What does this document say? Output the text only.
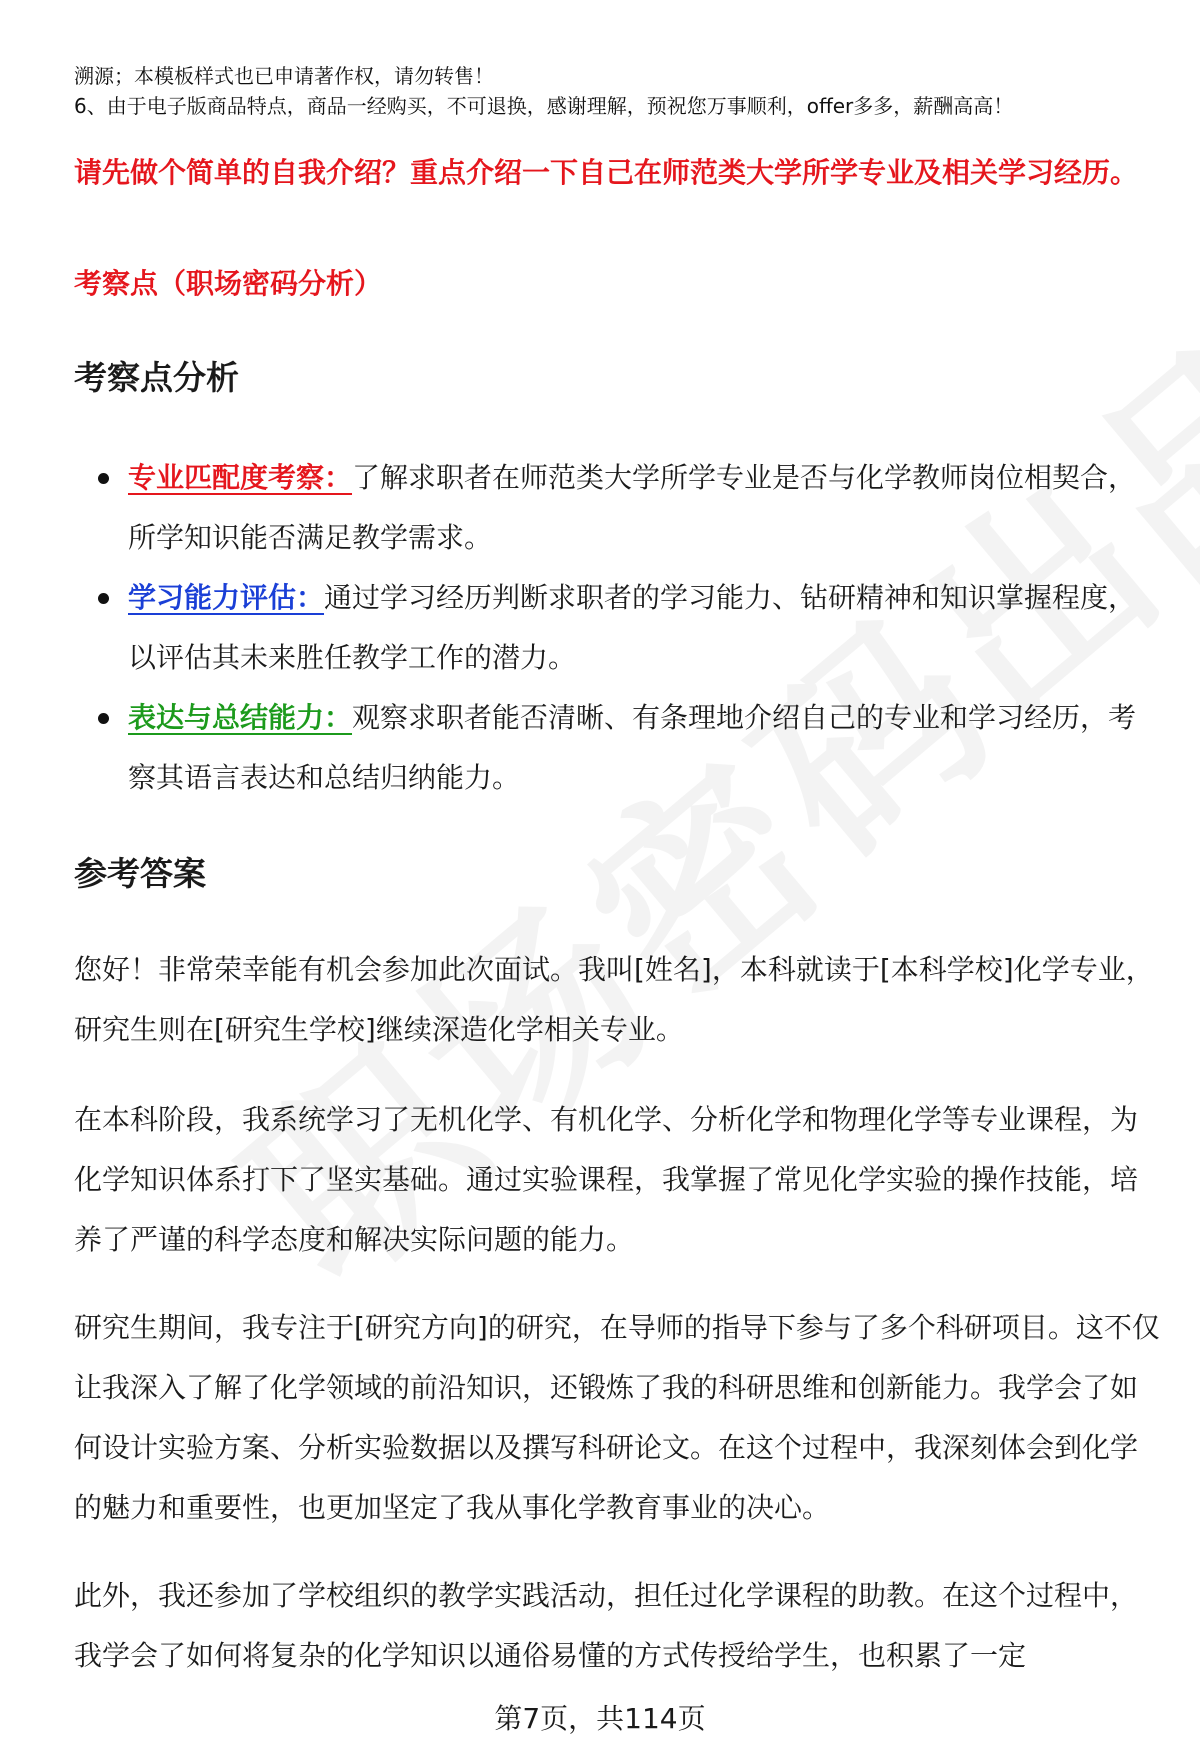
溯源；本模板样式也已申请著作权，请勿转售！
6、由于电子版商品特点，商品一经购买，不可退换，感谢理解，预祝您万事顺利，offer多多，薪酬高高！
请先做个简单的自我介绍？重点介绍一下自己在师范类大学所学专业及相关学习经历。
考察点（职场密码分析）
考察点分析
专业匹配度考察：了解求职者在师范类大学所学专业是否与化学教师岗位相契合，所学知识能否满足教学需求。
学习能力评估：通过学习经历判断求职者的学习能力、钻研精神和知识掌握程度，以评估其未来胜任教学工作的潜力。
表达与总结能力：观察求职者能否清晰、有条理地介绍自己的专业和学习经历，考察其语言表达和总结归纳能力。
参考答案

您好！非常荣幸能有机会参加此次面试。我叫[姓名]，本科就读于[本科学校]化学专业，研究生则在[研究生学校]继续深造化学相关专业。

在本科阶段，我系统学习了无机化学、有机化学、分析化学和物理化学等专业课程，为化学知识体系打下了坚实基础。通过实验课程，我掌握了常见化学实验的操作技能，培养了严谨的科学态度和解决实际问题的能力。

研究生期间，我专注于[研究方向]的研究，在导师的指导下参与了多个科研项目。这不仅让我深入了解了化学领域的前沿知识，还锻炼了我的科研思维和创新能力。我学会了如何设计实验方案、分析实验数据以及撰写科研论文。在这个过程中，我深刻体会到化学的魅力和重要性，也更加坚定了我从事化学教育事业的决心。

此外，我还参加了学校组织的教学实践活动，担任过化学课程的助教。在这个过程中，我学会了如何将复杂的化学知识以通俗易懂的方式传授给学生，也积累了一定

第7页，共114页
